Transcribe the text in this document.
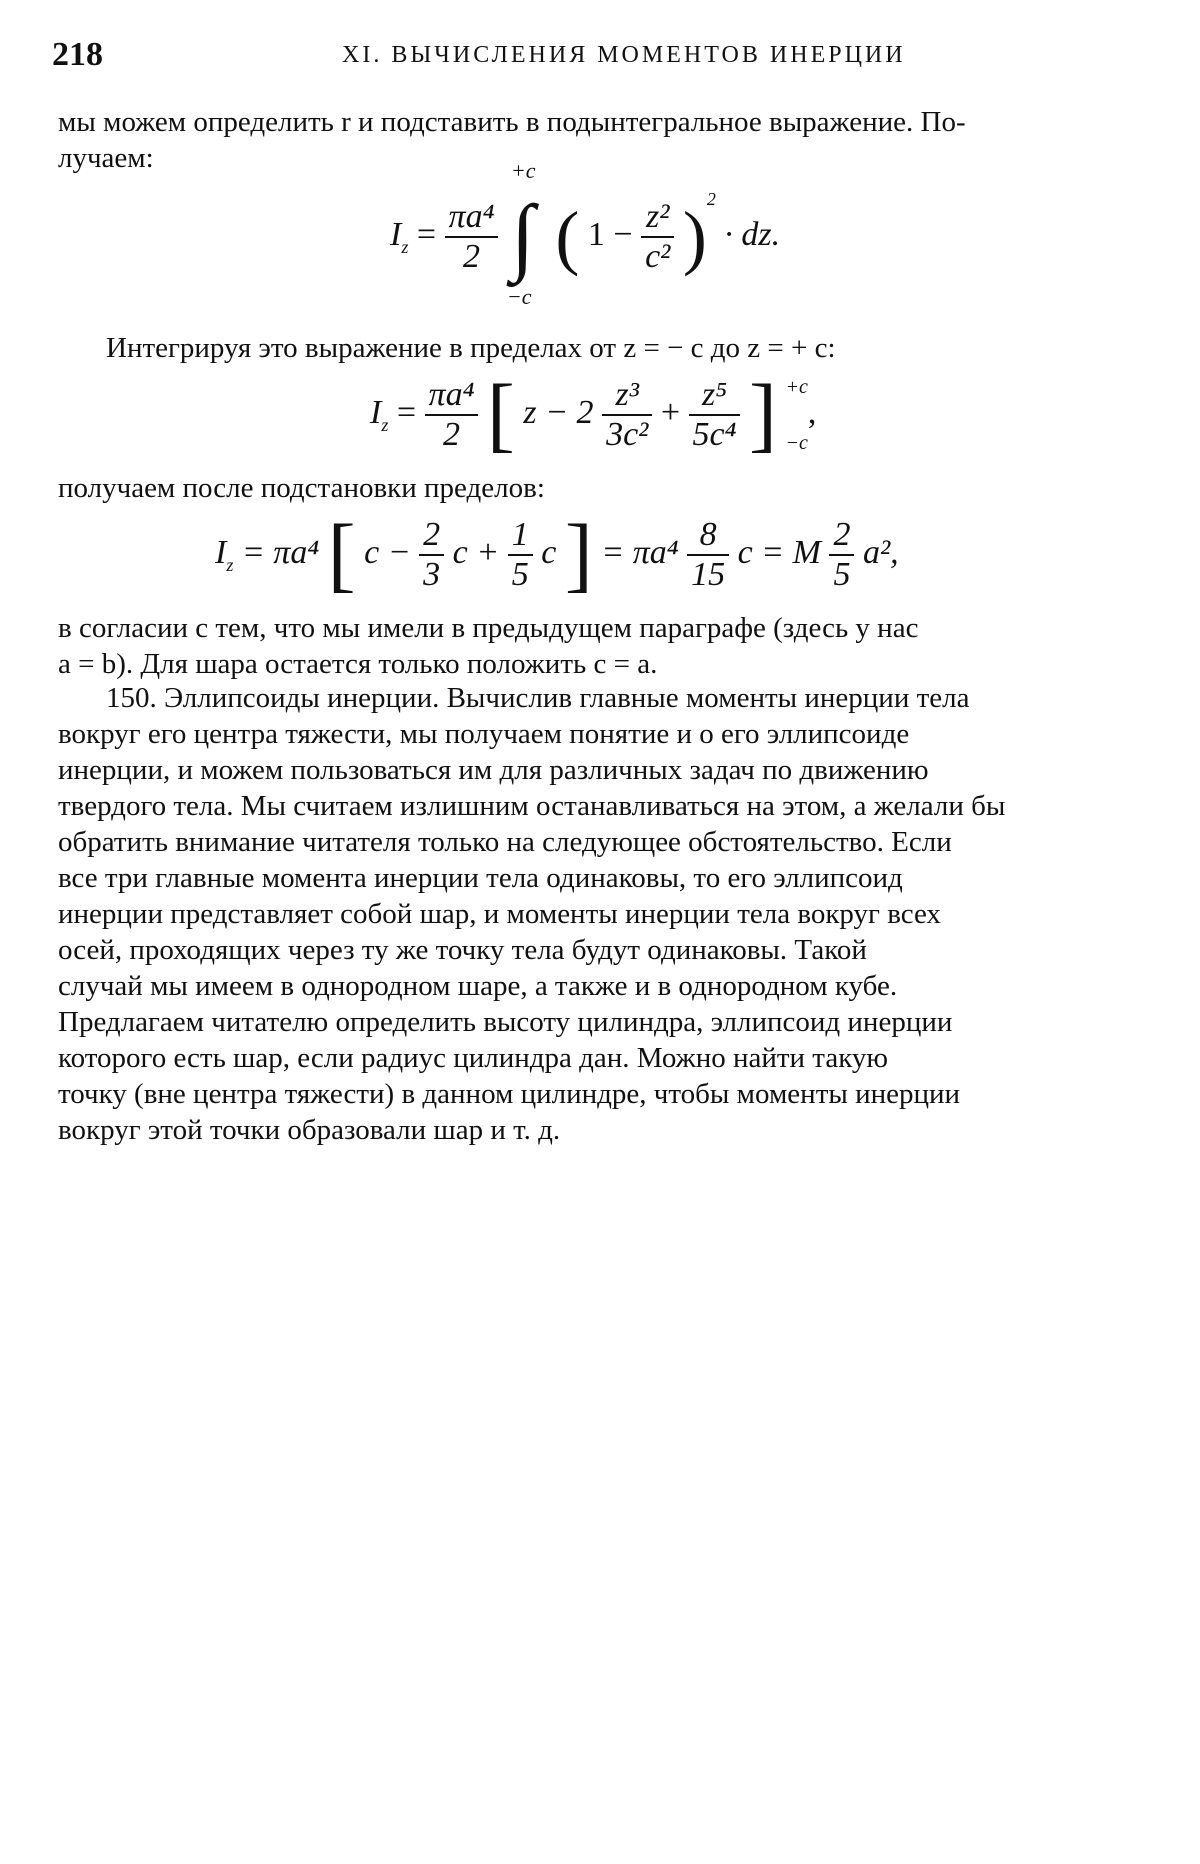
218	XI. ВЫЧИСЛЕНИЯ МОМЕНТОВ ИНЕРЦИИ

мы можем определить r и подставить в подынтегральное выражение. По-
лучаем:

$I_z = \frac{\text{πa⁴}}{2}$

+c
∫
−c
( $1 - \frac{\text{z²}}{\text{c²}} )^2$ · dz.

Интегрируя это выражение в пределах от z = − c до z = + c:

$I_z = \frac{\text{πa⁴}}{2}$ [ $z - 2 \frac{\text{z³}}{\text{3c²}} + \frac{\text{z⁵}}{\text{5c⁴}}$ ] +c
−c
,

получаем после подстановки пределов:

$I_z = \pi a^4$ [ $c - \frac{2}{3}$ $c + \frac{1}{5}$ c ] = $\pi a^4 \frac{8}{15}$ c = M $\frac{2}{5} a^2$,

в согласии с тем, что мы имели в предыдущем параграфе (здесь у нас
a = b). Для шара остается только положить c = a.

150. Эллипсоиды инерции. Вычислив главные моменты инерции тела
вокруг его центра тяжести, мы получаем понятие и о его эллипсоиде
инерции, и можем пользоваться им для различных задач по движению
твердого тела. Мы считаем излишним останавливаться на этом, а желали бы
обратить внимание читателя только на следующее обстоятельство. Если
все три главные момента инерции тела одинаковы, то его эллипсоид
инерции представляет собой шар, и моменты инерции тела вокруг всех
осей, проходящих через ту же точку тела будут одинаковы. Такой
случай мы имеем в однородном шаре, а также и в однородном кубе.
Предлагаем читателю определить высоту цилиндра, эллипсоид инерции
которого есть шар, если радиус цилиндра дан. Можно найти такую
точку (вне центра тяжести) в данном цилиндре, чтобы моменты инерции
вокруг этой точки образовали шар и т. д.
